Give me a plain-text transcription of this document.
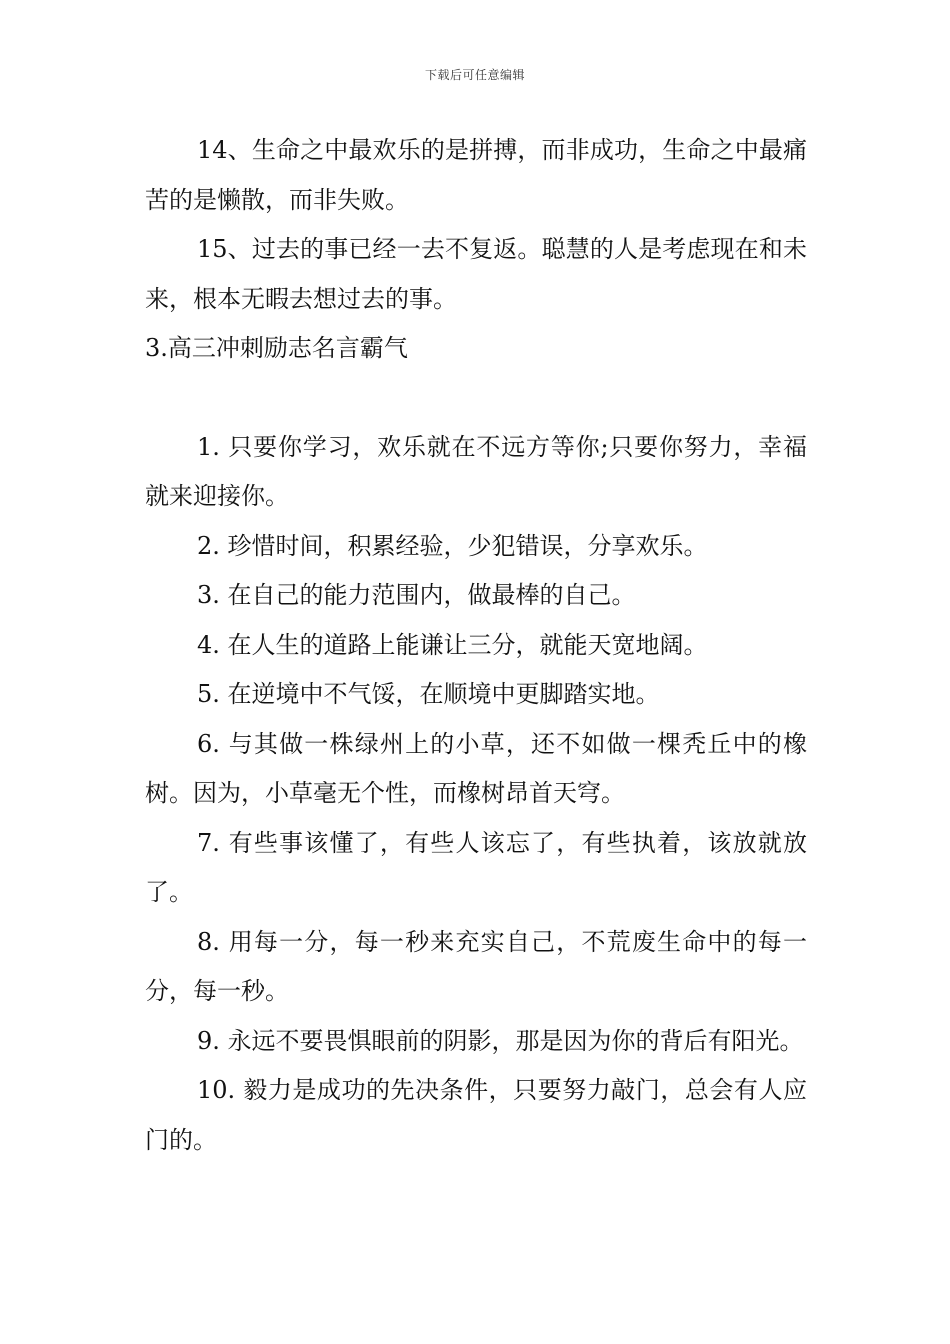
下载后可任意编辑

14、生命之中最欢乐的是拼搏，而非成功，生命之中最痛苦的是懒散，而非失败。

15、过去的事已经一去不复返。聪慧的人是考虑现在和未来，根本无暇去想过去的事。

3.高三冲刺励志名言霸气

1. 只要你学习，欢乐就在不远方等你;只要你努力，幸福就来迎接你。

2. 珍惜时间，积累经验，少犯错误，分享欢乐。

3. 在自己的能力范围内，做最棒的自己。

4. 在人生的道路上能谦让三分，就能天宽地阔。

5. 在逆境中不气馁，在顺境中更脚踏实地。

6. 与其做一株绿州上的小草，还不如做一棵秃丘中的橡树。因为，小草毫无个性，而橡树昂首天穹。

7. 有些事该懂了，有些人该忘了，有些执着，该放就放了。

8. 用每一分，每一秒来充实自己，不荒废生命中的每一分，每一秒。

9. 永远不要畏惧眼前的阴影，那是因为你的背后有阳光。

10. 毅力是成功的先决条件，只要努力敲门，总会有人应门的。
